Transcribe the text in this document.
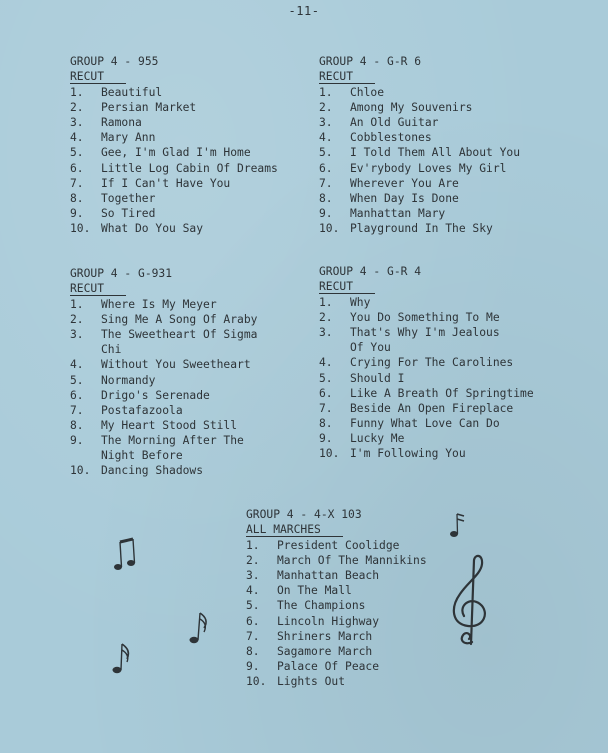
-11-
GROUP 4 - 955
RECUT
1.	Beautiful
2.	Persian Market
3.	Ramona
4.	Mary Ann
5.	Gee, I'm Glad I'm Home
6.	Little Log Cabin Of Dreams
7.	If I Can't Have You
8.	Together
9.	So Tired
10. What Do You Say
GROUP 4 - G-R 6
RECUT
1.	Chloe
2.	Among My Souvenirs
3.	An Old Guitar
4.	Cobblestones
5.	I Told Them All About You
6.	Ev'rybody Loves My Girl
7.	Wherever You Are
8.	When Day Is Done
9.	Manhattan Mary
10. Playground In The Sky
GROUP 4 - G-931
RECUT
1.	Where Is My Meyer
2.	Sing Me A Song Of Araby
3.	The Sweetheart Of Sigma
Chi
4.	Without You Sweetheart
5.	Normandy
6.	Drigo's Serenade
7.	Postafazoola
8.	My Heart Stood Still
9.	The Morning After The
Night Before
10. Dancing Shadows
GROUP 4 - G-R 4
RECUT
1.	Why
2.	You Do Something To Me
3.	That's Why I'm Jealous
Of You
4.	Crying For The Carolines
5.	Should I
6.	Like A Breath Of Springtime
7.	Beside An Open Fireplace
8.	Funny What Love Can Do
9.	Lucky Me
10. I'm Following You
GROUP 4 - 4-X 103
ALL MARCHES
1.	President Coolidge
2.	March Of The Mannikins
3.	Manhattan Beach
4.	On The Mall
5.	The Champions
6.	Lincoln Highway
7.	Shriners March
8.	Sagamore March
9.	Palace Of Peace
10. Lights Out
